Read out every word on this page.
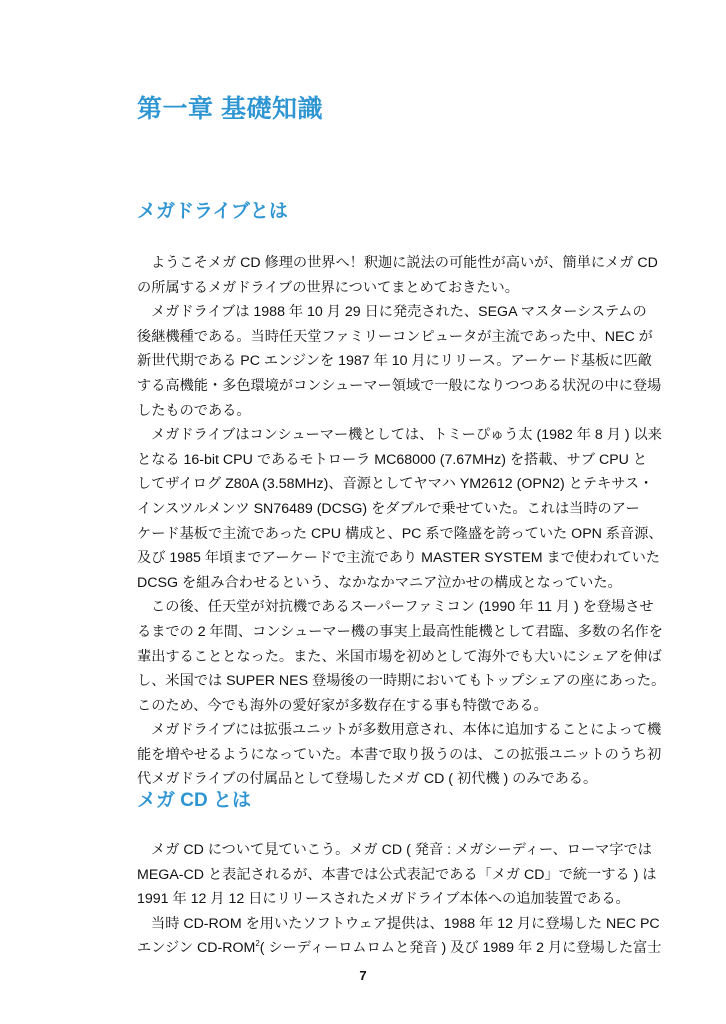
第一章 基礎知識
メガドライブとは
ようこそメガ CD 修理の世界へ！釈迦に説法の可能性が高いが、簡単にメガ CD
の所属するメガドライブの世界についてまとめておきたい。
メガドライブは 1988 年 10 月 29 日に発売された、SEGA マスターシステムの
後継機種である。当時任天堂ファミリーコンピュータが主流であった中、NEC が
新世代期である PC エンジンを 1987 年 10 月にリリース。アーケード基板に匹敵
する高機能・多色環境がコンシューマー領域で一般になりつつある状況の中に登場
したものである。
メガドライブはコンシューマー機としては、トミーぴゅう太 (1982 年 8 月 ) 以来
となる 16-bit CPU であるモトローラ MC68000 (7.67MHz) を搭載、サブ CPU と
してザイログ Z80A (3.58MHz)、音源としてヤマハ YM2612 (OPN2) とテキサス・
インスツルメンツ SN76489 (DCSG) をダブルで乗せていた。これは当時のアー
ケード基板で主流であった CPU 構成と、PC 系で隆盛を誇っていた OPN 系音源、
及び 1985 年頃までアーケードで主流であり MASTER SYSTEM まで使われていた
DCSG を組み合わせるという、なかなかマニア泣かせの構成となっていた。
この後、任天堂が対抗機であるスーパーファミコン (1990 年 11 月 ) を登場させ
るまでの 2 年間、コンシューマー機の事実上最高性能機として君臨、多数の名作を
輩出することとなった。また、米国市場を初めとして海外でも大いにシェアを伸ば
し、米国では SUPER NES 登場後の一時期においてもトップシェアの座にあった。
このため、今でも海外の愛好家が多数存在する事も特徴である。
メガドライブには拡張ユニットが多数用意され、本体に追加することによって機
能を増やせるようになっていた。本書で取り扱うのは、この拡張ユニットのうち初
代メガドライブの付属品として登場したメガ CD ( 初代機 ) のみである。
メガ CD とは
メガ CD について見ていこう。メガ CD ( 発音 : メガシーディー、ローマ字では
MEGA-CD と表記されるが、本書では公式表記である「メガ CD」で統一する ) は
1991 年 12 月 12 日にリリースされたメガドライブ本体への追加装置である。
当時 CD-ROM を用いたソフトウェア提供は、1988 年 12 月に登場した NEC PC
エンジン CD-ROM$^2$( シーディーロムロムと発音 ) 及び 1989 年 2 月に登場した富士
7
